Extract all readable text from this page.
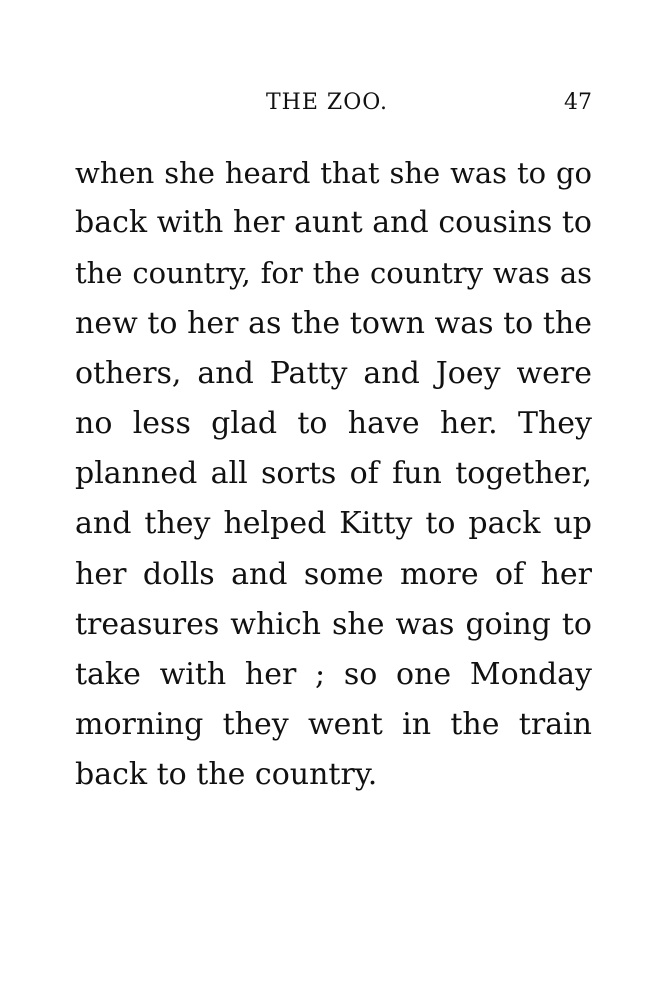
THE ZOO.	47
when she heard that she was to go
back with her aunt and cousins to
the country, for the country was as
new to her as the town was to the
others, and Patty and Joey were
no less glad to have her. They
planned all sorts of fun together,
and they helped Kitty to pack up
her dolls and some more of her
treasures which she was going to
take with her ; so one Monday
morning they went in the train
back to the country.
